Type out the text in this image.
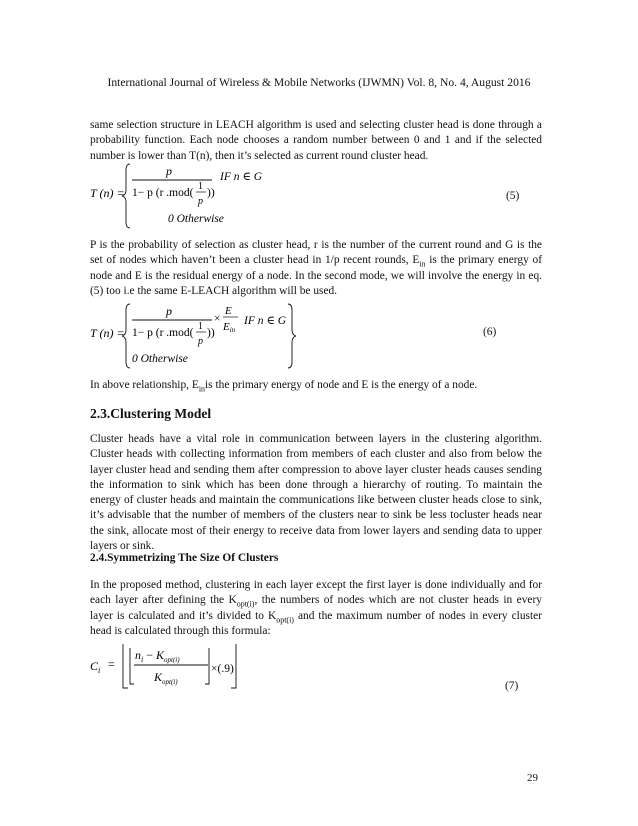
International Journal of Wireless & Mobile Networks (IJWMN) Vol. 8, No. 4, August 2016

same selection structure in LEACH algorithm is used and selecting cluster head is done through a probability function. Each node chooses a random number between 0 and 1 and if the selected number is lower than T(n), then it’s selected as current round cluster head.

T (n) =
p
1− p (r .mod(
1
p
))
IF n ∈ G
0 Otherwise
(5)

P is the probability of selection as cluster head, r is the number of the current round and G is the set of nodes which haven’t been a cluster head in 1/p recent rounds, $E_{in}$ is the primary energy of node and E is the residual energy of a node. In the second mode, we will involve the energy in eq. (5) too i.e the same E-LEACH algorithm will be used.

T (n) =
p
1− p (r .mod(
1
p
))
×
E
Ein
IF n ∈ G
0 Otherwise
(6)

In above relationship, $E_{in}is$ the primary energy of node and E is the energy of a node.

2.3.Clustering Model

Cluster heads have a vital role in communication between layers in the clustering algorithm. Cluster heads with collecting information from members of each cluster and also from below the layer cluster head and sending them after compression to above layer cluster heads causes sending the information to sink which has been done through a hierarchy of routing. To maintain the energy of cluster heads and maintain the communications like between cluster heads close to sink, it’s advisable that the number of members of the clusters near to sink be less tocluster heads near the sink, allocate most of their energy to receive data from lower layers and sending data to upper layers or sink.

2.4.Symmetrizing The Size Of Clusters

In the proposed method, clustering in each layer except the first layer is done individually and for each layer after defining the $K_{opt(i)}$, the numbers of nodes which are not cluster heads in every layer is calculated and it’s divided to $K_{opt(i)}$ and the maximum number of nodes in every cluster head is calculated through this formula:

$C_i$ =
$n_i - K_{opt(i)}$
$K_{opt(i)}$
×(.9)
(7)
29
